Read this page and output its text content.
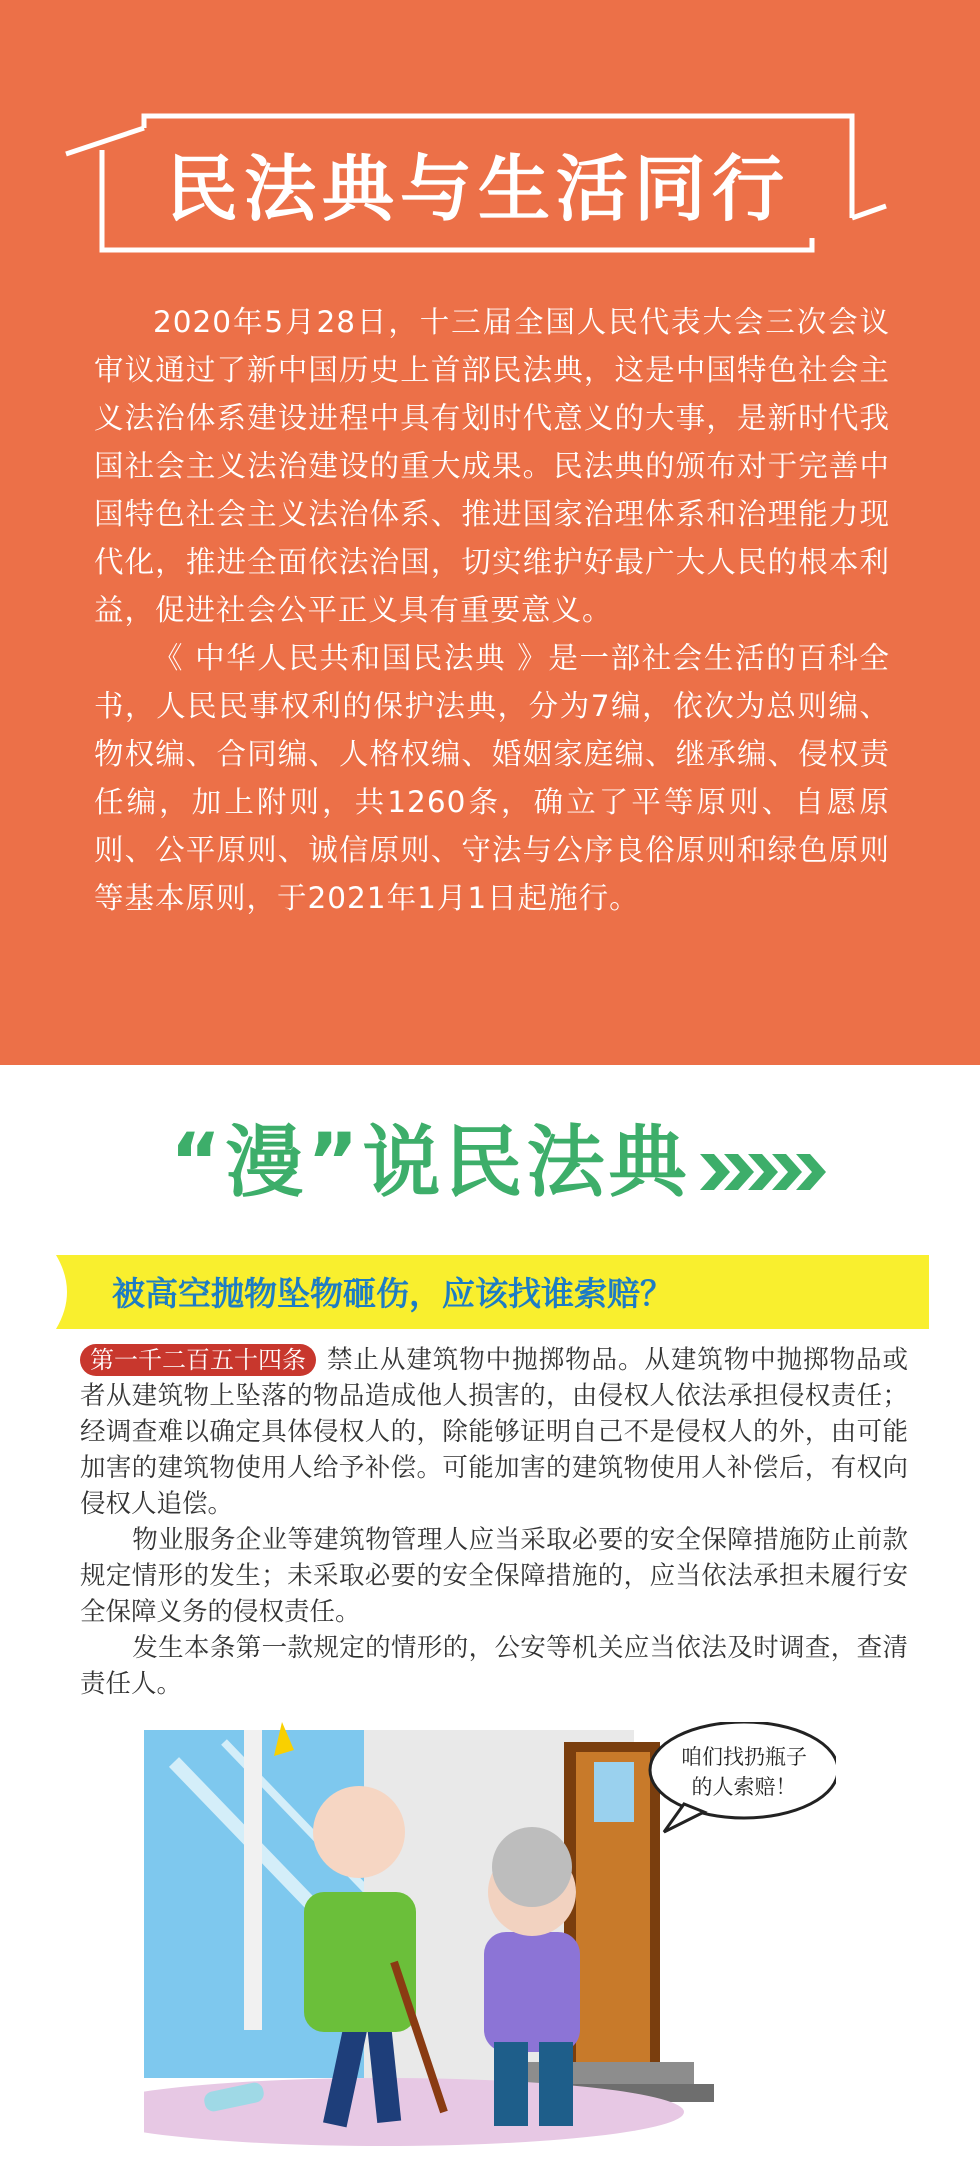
民法典与生活同行

2020年5月28日，十三届全国人民代表大会三次会议审议通过了新中国历史上首部民法典，这是中国特色社会主义法治体系建设进程中具有划时代意义的大事，是新时代我国社会主义法治建设的重大成果。民法典的颁布对于完善中国特色社会主义法治体系、推进国家治理体系和治理能力现代化，推进全面依法治国，切实维护好最广大人民的根本利益，促进社会公平正义具有重要意义。

《 中华人民共和国民法典 》是一部社会生活的百科全书，人民民事权利的保护法典，分为7编，依次为总则编、物权编、合同编、人格权编、婚姻家庭编、继承编、侵权责任编，加上附则，共1260条，确立了平等原则、自愿原则、公平原则、诚信原则、守法与公序良俗原则和绿色原则等基本原则，于2021年1月1日起施行。

“漫”说民法典
被高空抛物坠物砸伤，应该找谁索赔？

第一千二百五十四条 禁止从建筑物中抛掷物品。从建筑物中抛掷物品或者从建筑物上坠落的物品造成他人损害的，由侵权人依法承担侵权责任；经调查难以确定具体侵权人的，除能够证明自己不是侵权人的外，由可能加害的建筑物使用人给予补偿。可能加害的建筑物使用人补偿后，有权向侵权人追偿。

物业服务企业等建筑物管理人应当采取必要的安全保障措施防止前款规定情形的发生；未采取必要的安全保障措施的，应当依法承担未履行安全保障义务的侵权责任。

发生本条第一款规定的情形的，公安等机关应当依法及时调查，查清责任人。

咱们找扔瓶子
的人索赔！
